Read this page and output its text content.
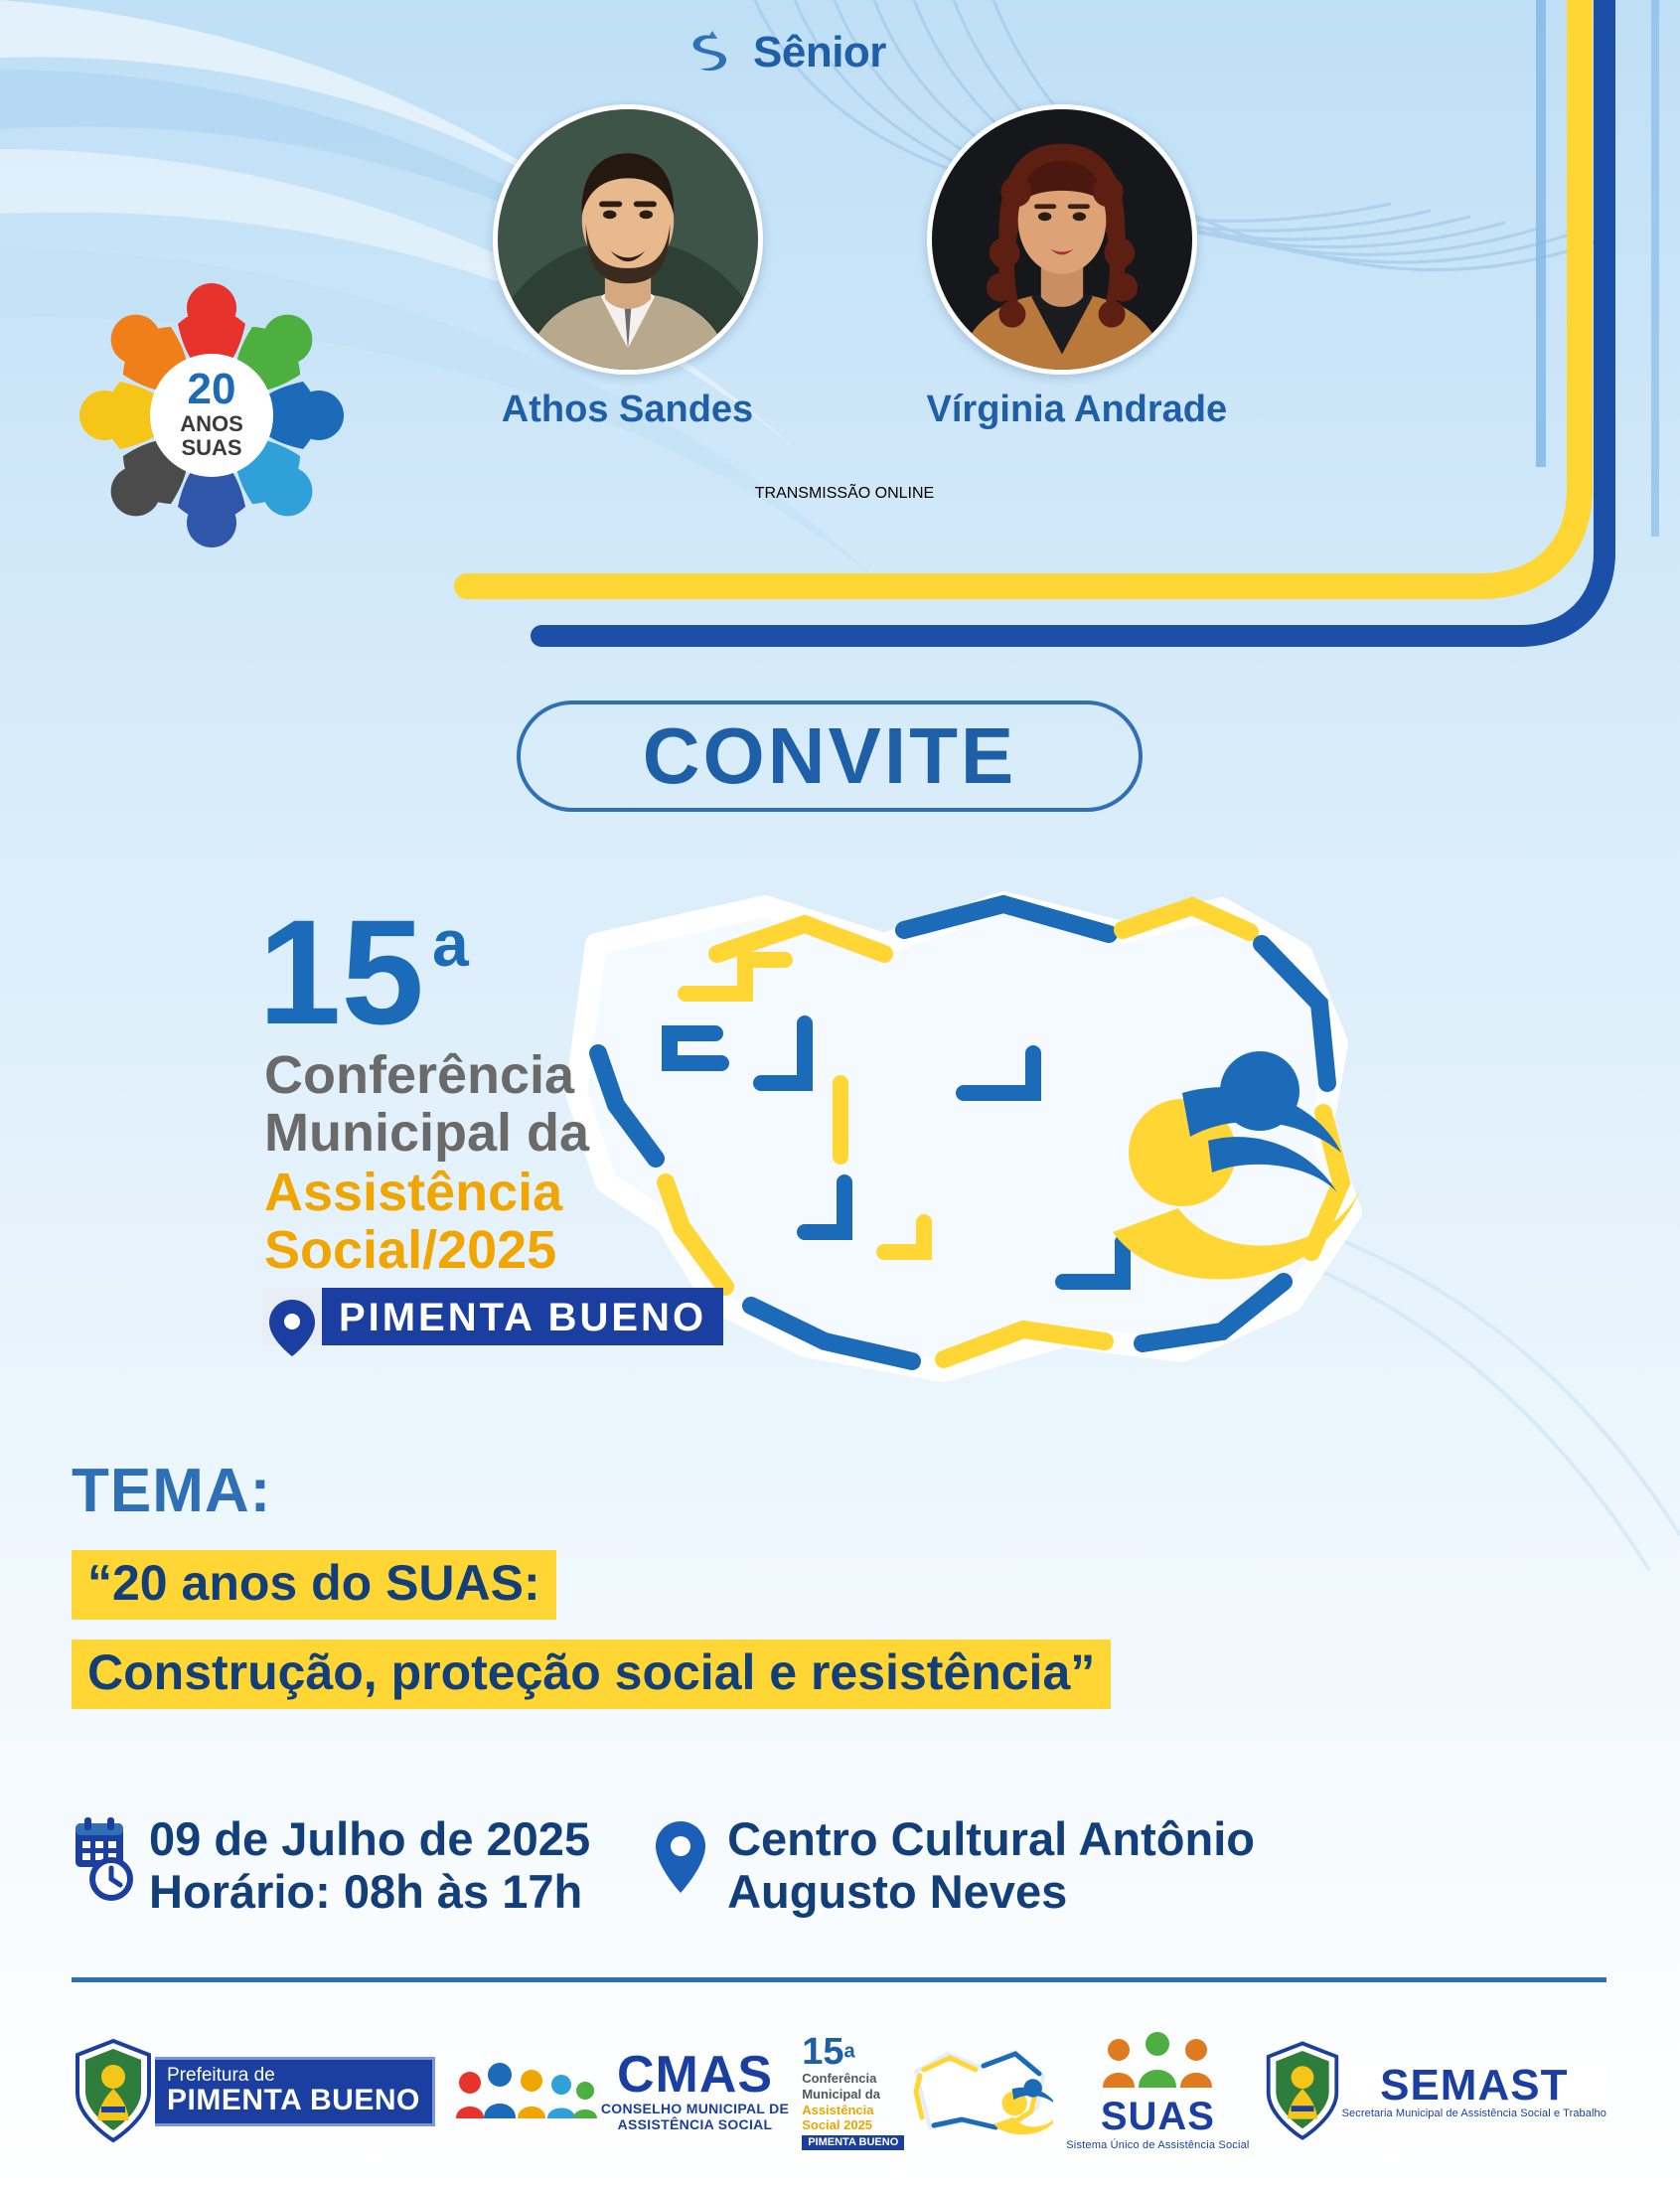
Sênior
Athos Sandes	Vírginia Andrade
TRANSMISSÃO ONLINE
20
ANOS
SUAS
CONVITE
15 a
Conferência
Municipal da
Assistência
Social/2025
PIMENTA BUENO
TEMA:
“20 anos do SUAS:
Construção, proteção social e resistência”
09 de Julho de 2025
Horário: 08h às 17h
Centro Cultural Antônio
Augusto Neves
Prefeitura de
PIMENTA BUENO	CMAS
CONSELHO MUNICIPAL DE
ASSISTÊNCIA SOCIAL
15a
Conferência
Municipal da
Assistência
Social 2025
PIMENTA BUENO
SUAS
Sistema Único de Assistência Social
SEMAST
Secretaria Municipal de Assistência Social e Trabalho
